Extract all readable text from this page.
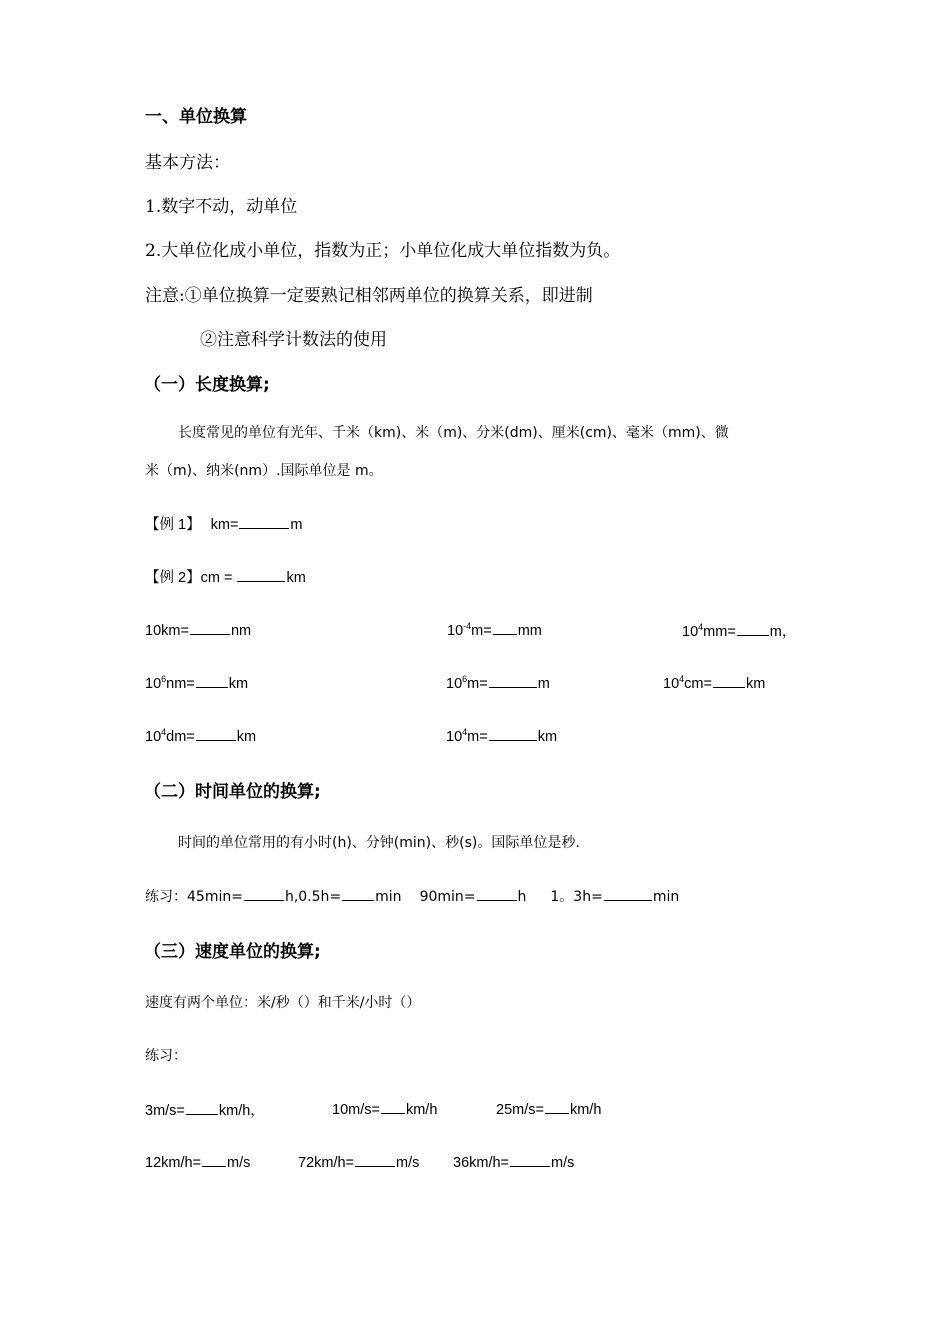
一、单位换算
基本方法：
1.数字不动，动单位
2.大单位化成小单位，指数为正；小单位化成大单位指数为负。
注意:①单位换算一定要熟记相邻两单位的换算关系，即进制
②注意科学计数法的使用
（一）长度换算;
长度常见的单位有光年、千米（km)、米（m)、分米(dm)、厘米(cm)、毫米（mm)、微
米（m)、纳米(nm）.国际单位是 m。
【例 1】 km=	m
【例 2】cm =	km
10km=	nm	$10^{-4}m=$ mm	$10^4mm= m$，
$10^6nm=$ km	$10^6m=$	m	$10^4cm=$ km
$10^4dm=$	km	$10^4m=$	km
（二）时间单位的换算;
时间的单位常用的有小时(h)、分钟(min)、秒(s)。国际单位是秒.
练习：45min=	h,0.5h= min 90min=	h 1。3h=	min
（三）速度单位的换算;
速度有两个单位：米/秒（）和千米/小时（）
练习：
3m/s= km/h，	10m/s= km/h	25m/s= km/h
12km/h= m/s	72km/h=	m/s 36km/h=	m/s
